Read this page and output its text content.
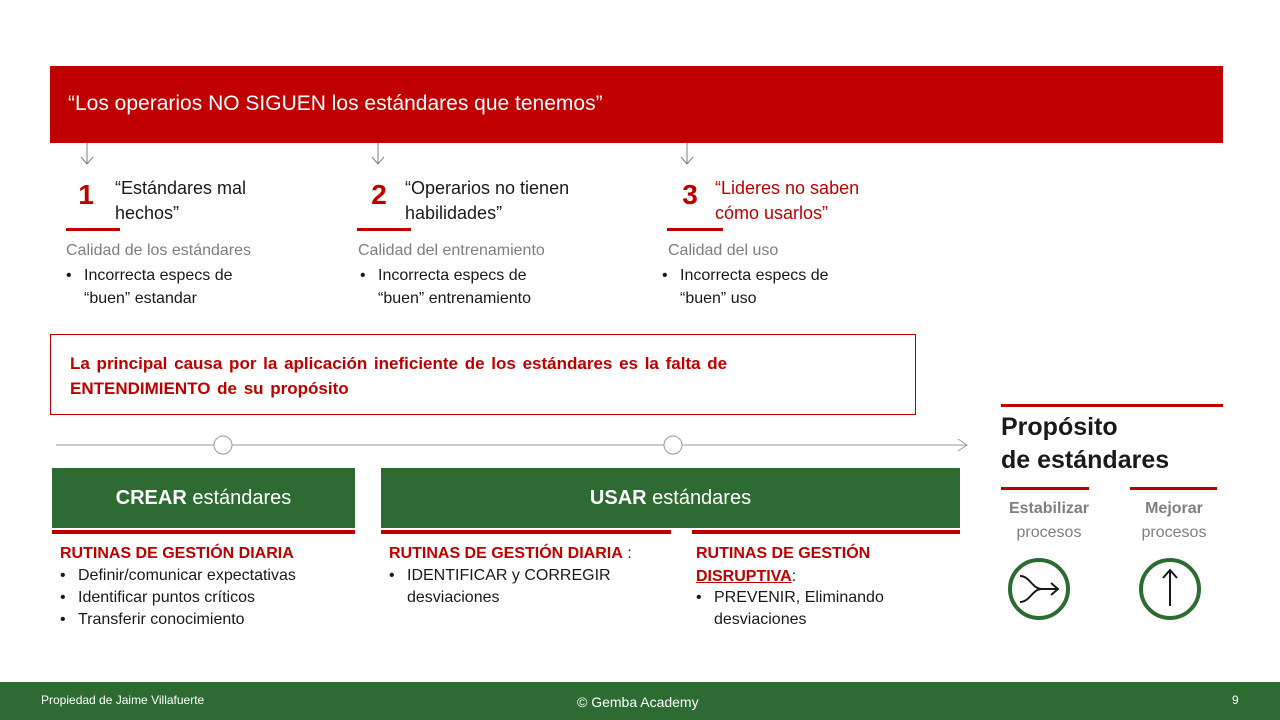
“Los operarios NO SIGUEN los estándares que tenemos”
1	“Estándares mal
hechos”
Calidad de los estándares
• Incorrecta especs de
“buen” estandar
2	“Operarios no tienen
habilidades”
Calidad del entrenamiento
• Incorrecta especs de
“buen” entrenamiento
3 “Lideres no saben
cómo usarlos”
Calidad del uso
• Incorrecta especs de
“buen” uso
La principal causa por la aplicación ineficiente de los estándares es la falta de
ENTENDIMIENTO de su propósito
CREAR estándares
RUTINAS DE GESTIÓN DIARIA
• Definir/comunicar expectativas
• Identificar puntos críticos
• Transferir conocimiento
USAR estándares
RUTINAS DE GESTIÓN DIARIA :
• IDENTIFICAR y CORREGIR
desviaciones
RUTINAS DE GESTIÓN
DISRUPTIVA:
• PREVENIR, Eliminando
desviaciones
Propósito
de estándares
Estabilizar
procesos
Mejorar
procesos
Propiedad de Jaime Villafuerte	© Gemba Academy	9
